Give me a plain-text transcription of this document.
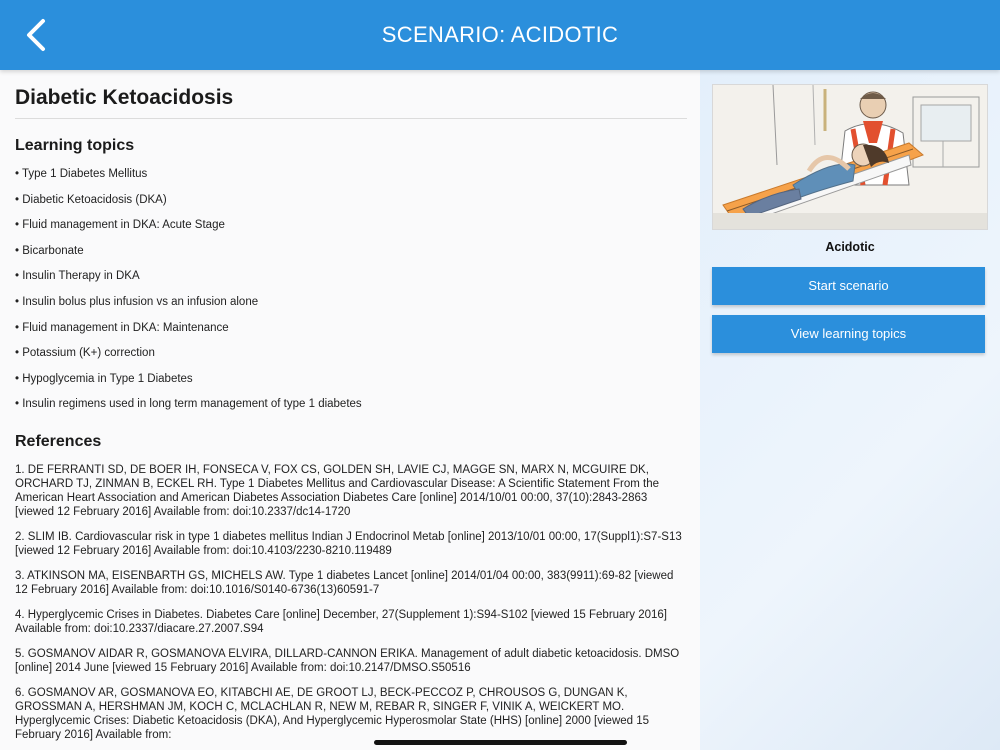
SCENARIO: ACIDOTIC
Diabetic Ketoacidosis
Learning topics
• Type 1 Diabetes Mellitus
• Diabetic Ketoacidosis (DKA)
• Fluid management in DKA: Acute Stage
• Bicarbonate
• Insulin Therapy in DKA
• Insulin bolus plus infusion vs an infusion alone
• Fluid management in DKA: Maintenance
• Potassium (K+) correction
• Hypoglycemia in Type 1 Diabetes
• Insulin regimens used in long term management of type 1 diabetes
References

1. DE FERRANTI SD, DE BOER IH, FONSECA V, FOX CS, GOLDEN SH, LAVIE CJ, MAGGE SN, MARX N, MCGUIRE DK, ORCHARD TJ, ZINMAN B, ECKEL RH. Type 1 Diabetes Mellitus and Cardiovascular Disease: A Scientific Statement From the American Heart Association and American Diabetes Association Diabetes Care [online] 2014/10/01 00:00, 37(10):2843-2863 [viewed 12 February 2016] Available from: doi:10.2337/dc14-1720

2. SLIM IB. Cardiovascular risk in type 1 diabetes mellitus Indian J Endocrinol Metab [online] 2013/10/01 00:00, 17(Suppl1):S7-S13 [viewed 12 February 2016] Available from: doi:10.4103/2230-8210.119489

3. ATKINSON MA, EISENBARTH GS, MICHELS AW. Type 1 diabetes Lancet [online] 2014/01/04 00:00, 383(9911):69-82 [viewed 12 February 2016] Available from: doi:10.1016/S0140-6736(13)60591-7

4. Hyperglycemic Crises in Diabetes. Diabetes Care [online] December, 27(Supplement 1):S94-S102 [viewed 15 February 2016] Available from: doi:10.2337/diacare.27.2007.S94

5. GOSMANOV AIDAR R, GOSMANOVA ELVIRA, DILLARD-CANNON ERIKA. Management of adult diabetic ketoacidosis. DMSO [online] 2014 June [viewed 15 February 2016] Available from: doi:10.2147/DMSO.S50516

6. GOSMANOV AR, GOSMANOVA EO, KITABCHI AE, DE GROOT LJ, BECK-PECCOZ P, CHROUSOS G, DUNGAN K, GROSSMAN A, HERSHMAN JM, KOCH C, MCLACHLAN R, NEW M, REBAR R, SINGER F, VINIK A, WEICKERT MO. Hyperglycemic Crises: Diabetic Ketoacidosis (DKA), And Hyperglycemic Hyperosmolar State (HHS) [online] 2000 [viewed 15 February 2016] Available from:

Acidotic
Start scenario
View learning topics
